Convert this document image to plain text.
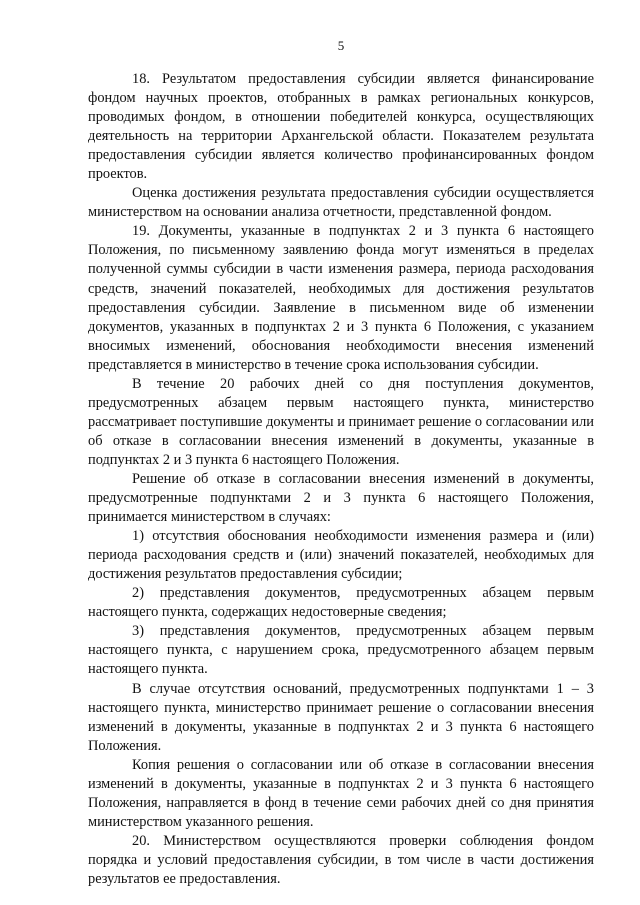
5

18. Результатом предоставления субсидии является финансирование фондом научных проектов, отобранных в рамках региональных конкурсов, проводимых фондом, в отношении победителей конкурса, осуществляющих деятельность на территории Архангельской области. Показателем результата предоставления субсидии является количество профинансированных фондом проектов.

Оценка достижения результата предоставления субсидии осуществляется министерством на основании анализа отчетности, представленной фондом.

19. Документы, указанные в подпунктах 2 и 3 пункта 6 настоящего Положения, по письменному заявлению фонда могут изменяться в пределах полученной суммы субсидии в части изменения размера, периода расходования средств, значений показателей, необходимых для достижения результатов предоставления субсидии. Заявление в письменном виде об изменении документов, указанных в подпунктах 2 и 3 пункта 6 Положения, с указанием вносимых изменений, обоснования необходимости внесения изменений представляется в министерство в течение срока использования субсидии.

В течение 20 рабочих дней со дня поступления документов, предусмотренных абзацем первым настоящего пункта, министерство рассматривает поступившие документы и принимает решение о согласовании или об отказе в согласовании внесения изменений в документы, указанные в подпунктах 2 и 3 пункта 6 настоящего Положения.

Решение об отказе в согласовании внесения изменений в документы, предусмотренные подпунктами 2 и 3 пункта 6 настоящего Положения, принимается министерством в случаях:

1) отсутствия обоснования необходимости изменения размера и (или) периода расходования средств и (или) значений показателей, необходимых для достижения результатов предоставления субсидии;

2) представления документов, предусмотренных абзацем первым настоящего пункта, содержащих недостоверные сведения;

3) представления документов, предусмотренных абзацем первым настоящего пункта, с нарушением срока, предусмотренного абзацем первым настоящего пункта.

В случае отсутствия оснований, предусмотренных подпунктами 1 – 3 настоящего пункта, министерство принимает решение о согласовании внесения изменений в документы, указанные в подпунктах 2 и 3 пункта 6 настоящего Положения.

Копия решения о согласовании или об отказе в согласовании внесения изменений в документы, указанные в подпунктах 2 и 3 пункта 6 настоящего Положения, направляется в фонд в течение семи рабочих дней со дня принятия министерством указанного решения.

20. Министерством осуществляются проверки соблюдения фондом порядка и условий предоставления субсидии, в том числе в части достижения результатов ее предоставления.
